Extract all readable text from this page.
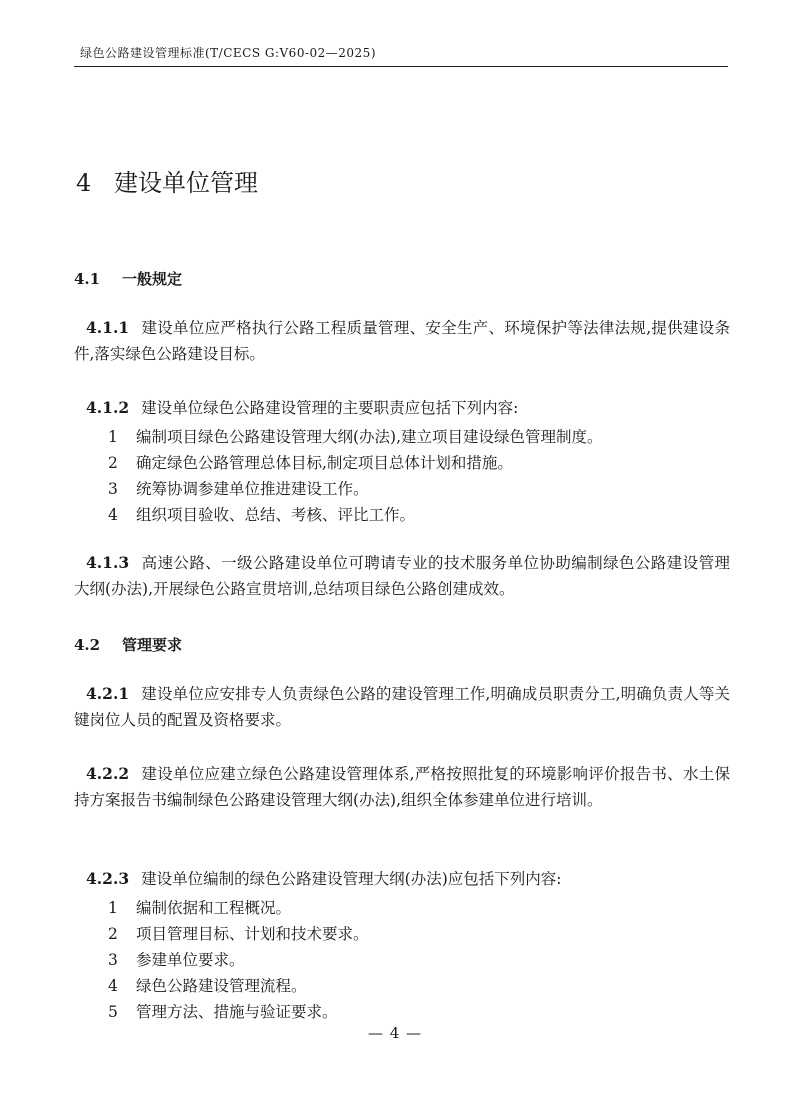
绿色公路建设管理标准(T/CECS G:V60-02—2025)
4 建设单位管理
4.1 一般规定
4.1.1 建设单位应严格执行公路工程质量管理、安全生产、环境保护等法律法规,提供建设条件,落实绿色公路建设目标。
4.1.2 建设单位绿色公路建设管理的主要职责应包括下列内容:
1 编制项目绿色公路建设管理大纲(办法),建立项目建设绿色管理制度。
2 确定绿色公路管理总体目标,制定项目总体计划和措施。
3 统筹协调参建单位推进建设工作。
4 组织项目验收、总结、考核、评比工作。
4.1.3 高速公路、一级公路建设单位可聘请专业的技术服务单位协助编制绿色公路建设管理大纲(办法),开展绿色公路宣贯培训,总结项目绿色公路创建成效。
4.2 管理要求
4.2.1 建设单位应安排专人负责绿色公路的建设管理工作,明确成员职责分工,明确负责人等关键岗位人员的配置及资格要求。
4.2.2 建设单位应建立绿色公路建设管理体系,严格按照批复的环境影响评价报告书、水土保持方案报告书编制绿色公路建设管理大纲(办法),组织全体参建单位进行培训。
4.2.3 建设单位编制的绿色公路建设管理大纲(办法)应包括下列内容:
1 编制依据和工程概况。
2 项目管理目标、计划和技术要求。
3 参建单位要求。
4 绿色公路建设管理流程。
5 管理方法、措施与验证要求。
— 4 —
